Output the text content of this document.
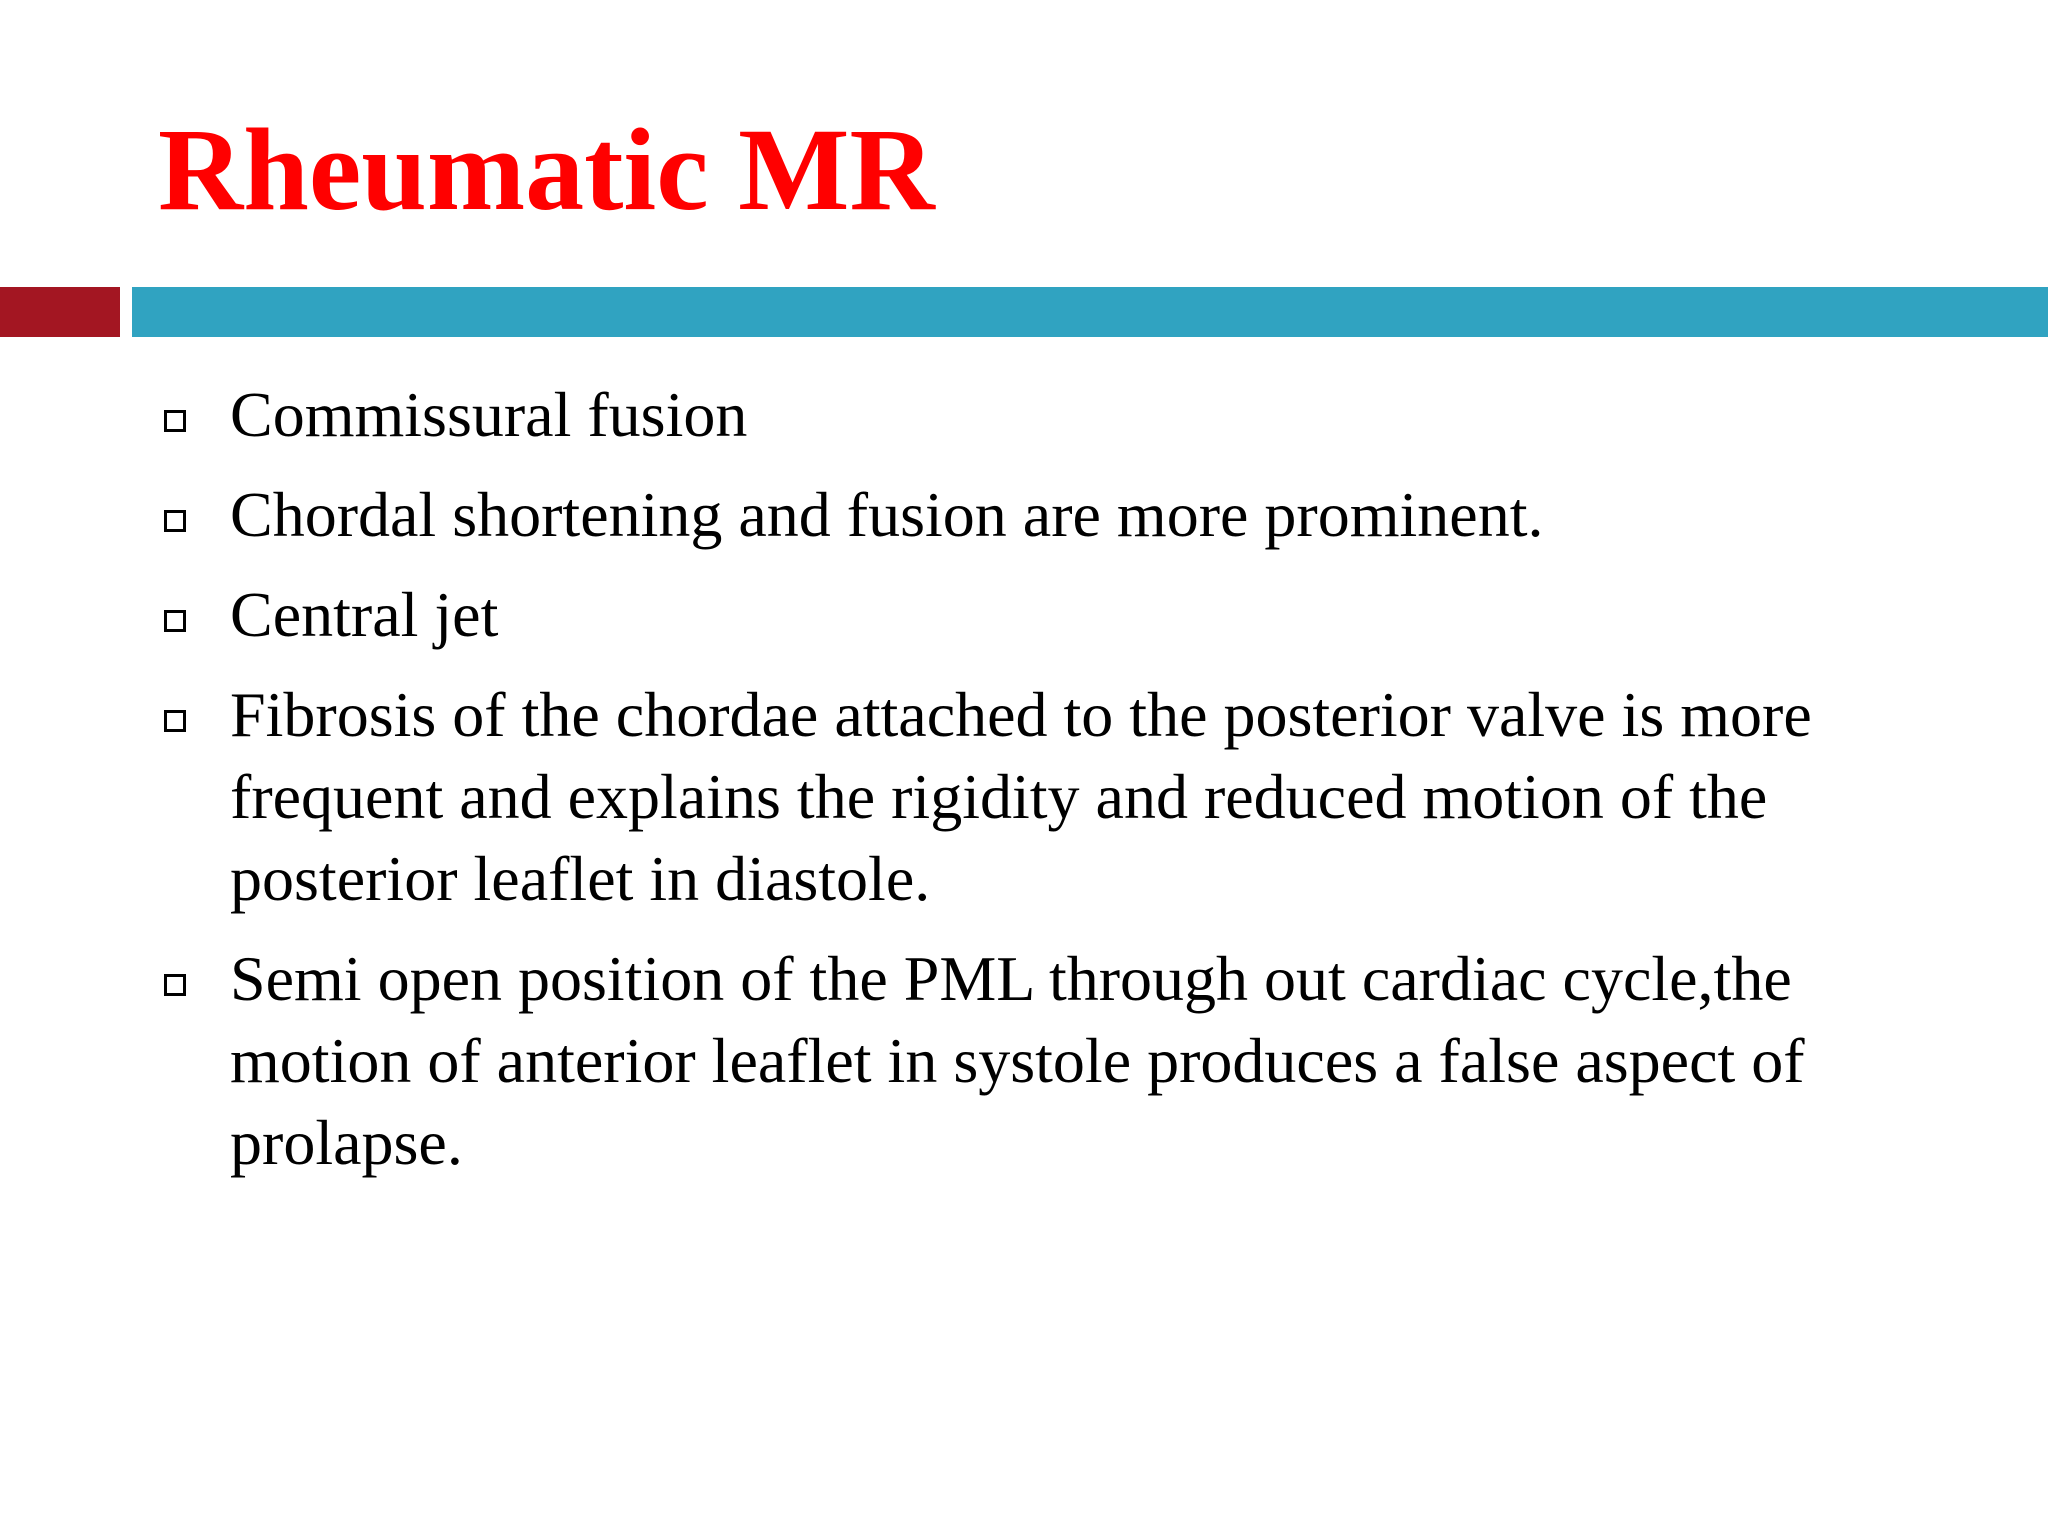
Rheumatic MR
Commissural fusion
Chordal shortening and fusion are more prominent.
Central jet
Fibrosis of the chordae attached to the posterior valve is more frequent and explains the rigidity and reduced motion of the posterior leaflet in diastole.
Semi open position of the PML through out cardiac cycle,the motion of anterior leaflet in systole produces a false aspect of prolapse.
